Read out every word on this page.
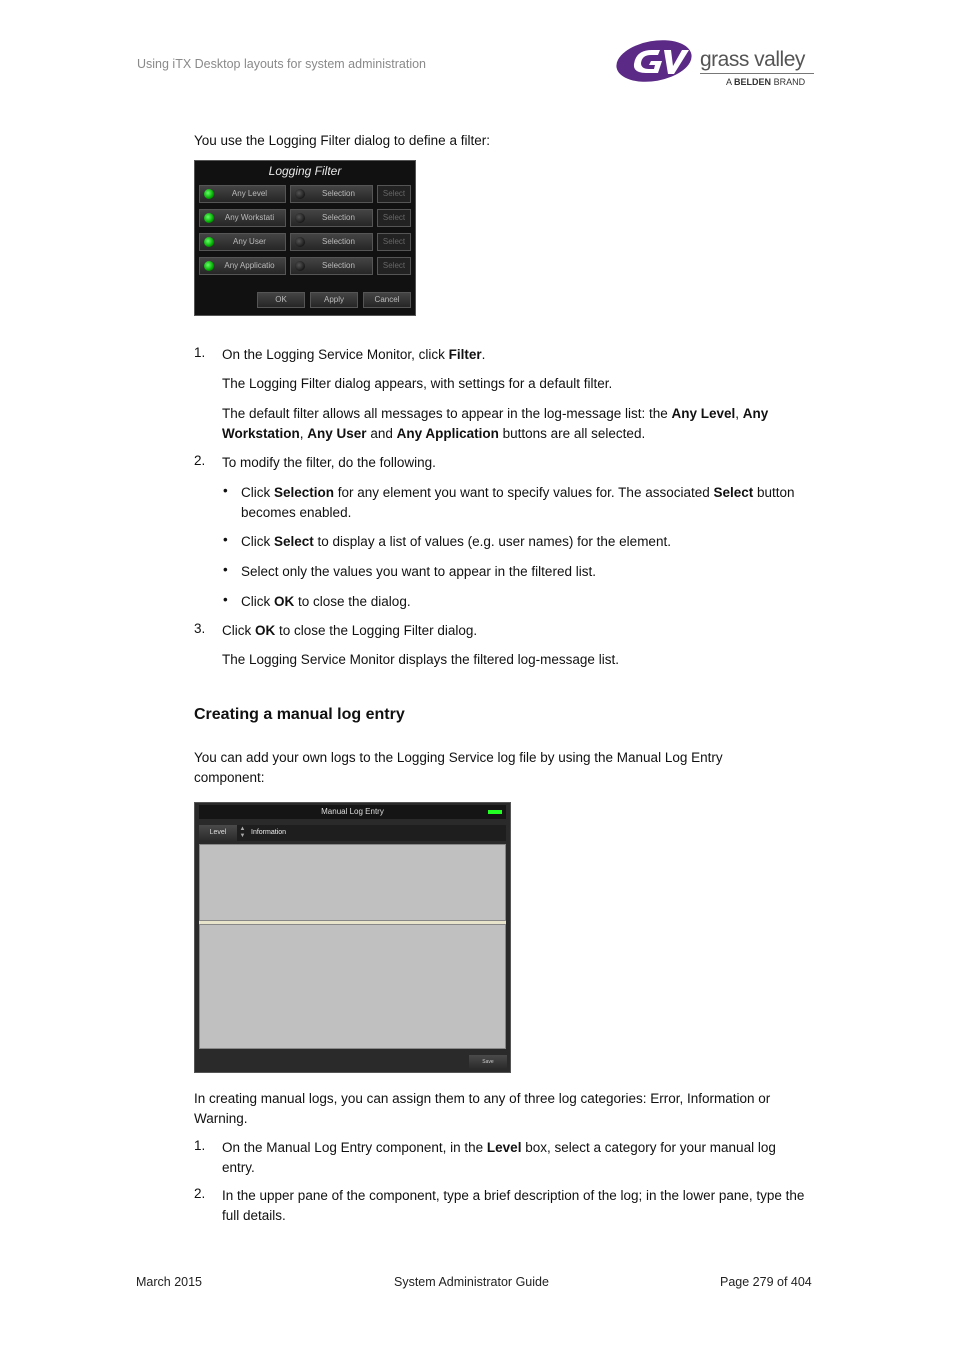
Using iTX Desktop layouts for system administration	grass valley
A BELDEN BRAND
You use the Logging Filter dialog to define a filter:
Logging Filter
Any Level	Selection	Select
Any Workstati	Selection	Select
Any User	Selection	Select
Any Applicatio	Selection	Select
OK	Apply	Cancel
1. On the Logging Service Monitor, click Filter.
The Logging Filter dialog appears, with settings for a default filter.
The default filter allows all messages to appear in the log-message list: the Any Level, Any Workstation, Any User and Any Application buttons are all selected.
2. To modify the filter, do the following.
• Click Selection for any element you want to specify values for. The associated Select button becomes enabled.
• Click Select to display a list of values (e.g. user names) for the element.
• Select only the values you want to appear in the filtered list.
• Click OK to close the dialog.
3. Click OK to close the Logging Filter dialog.
The Logging Service Monitor displays the filtered log-message list.
Creating a manual log entry
You can add your own logs to the Logging Service log file by using the Manual Log Entry component:
Manual Log Entry
Level	▲
▼ Information
Save
In creating manual logs, you can assign them to any of three log categories: Error, Information or Warning.
1. On the Manual Log Entry component, in the Level box, select a category for your manual log entry.
2. In the upper pane of the component, type a brief description of the log; in the lower pane, type the full details.
March 2015	System Administrator Guide	Page 279 of 404
